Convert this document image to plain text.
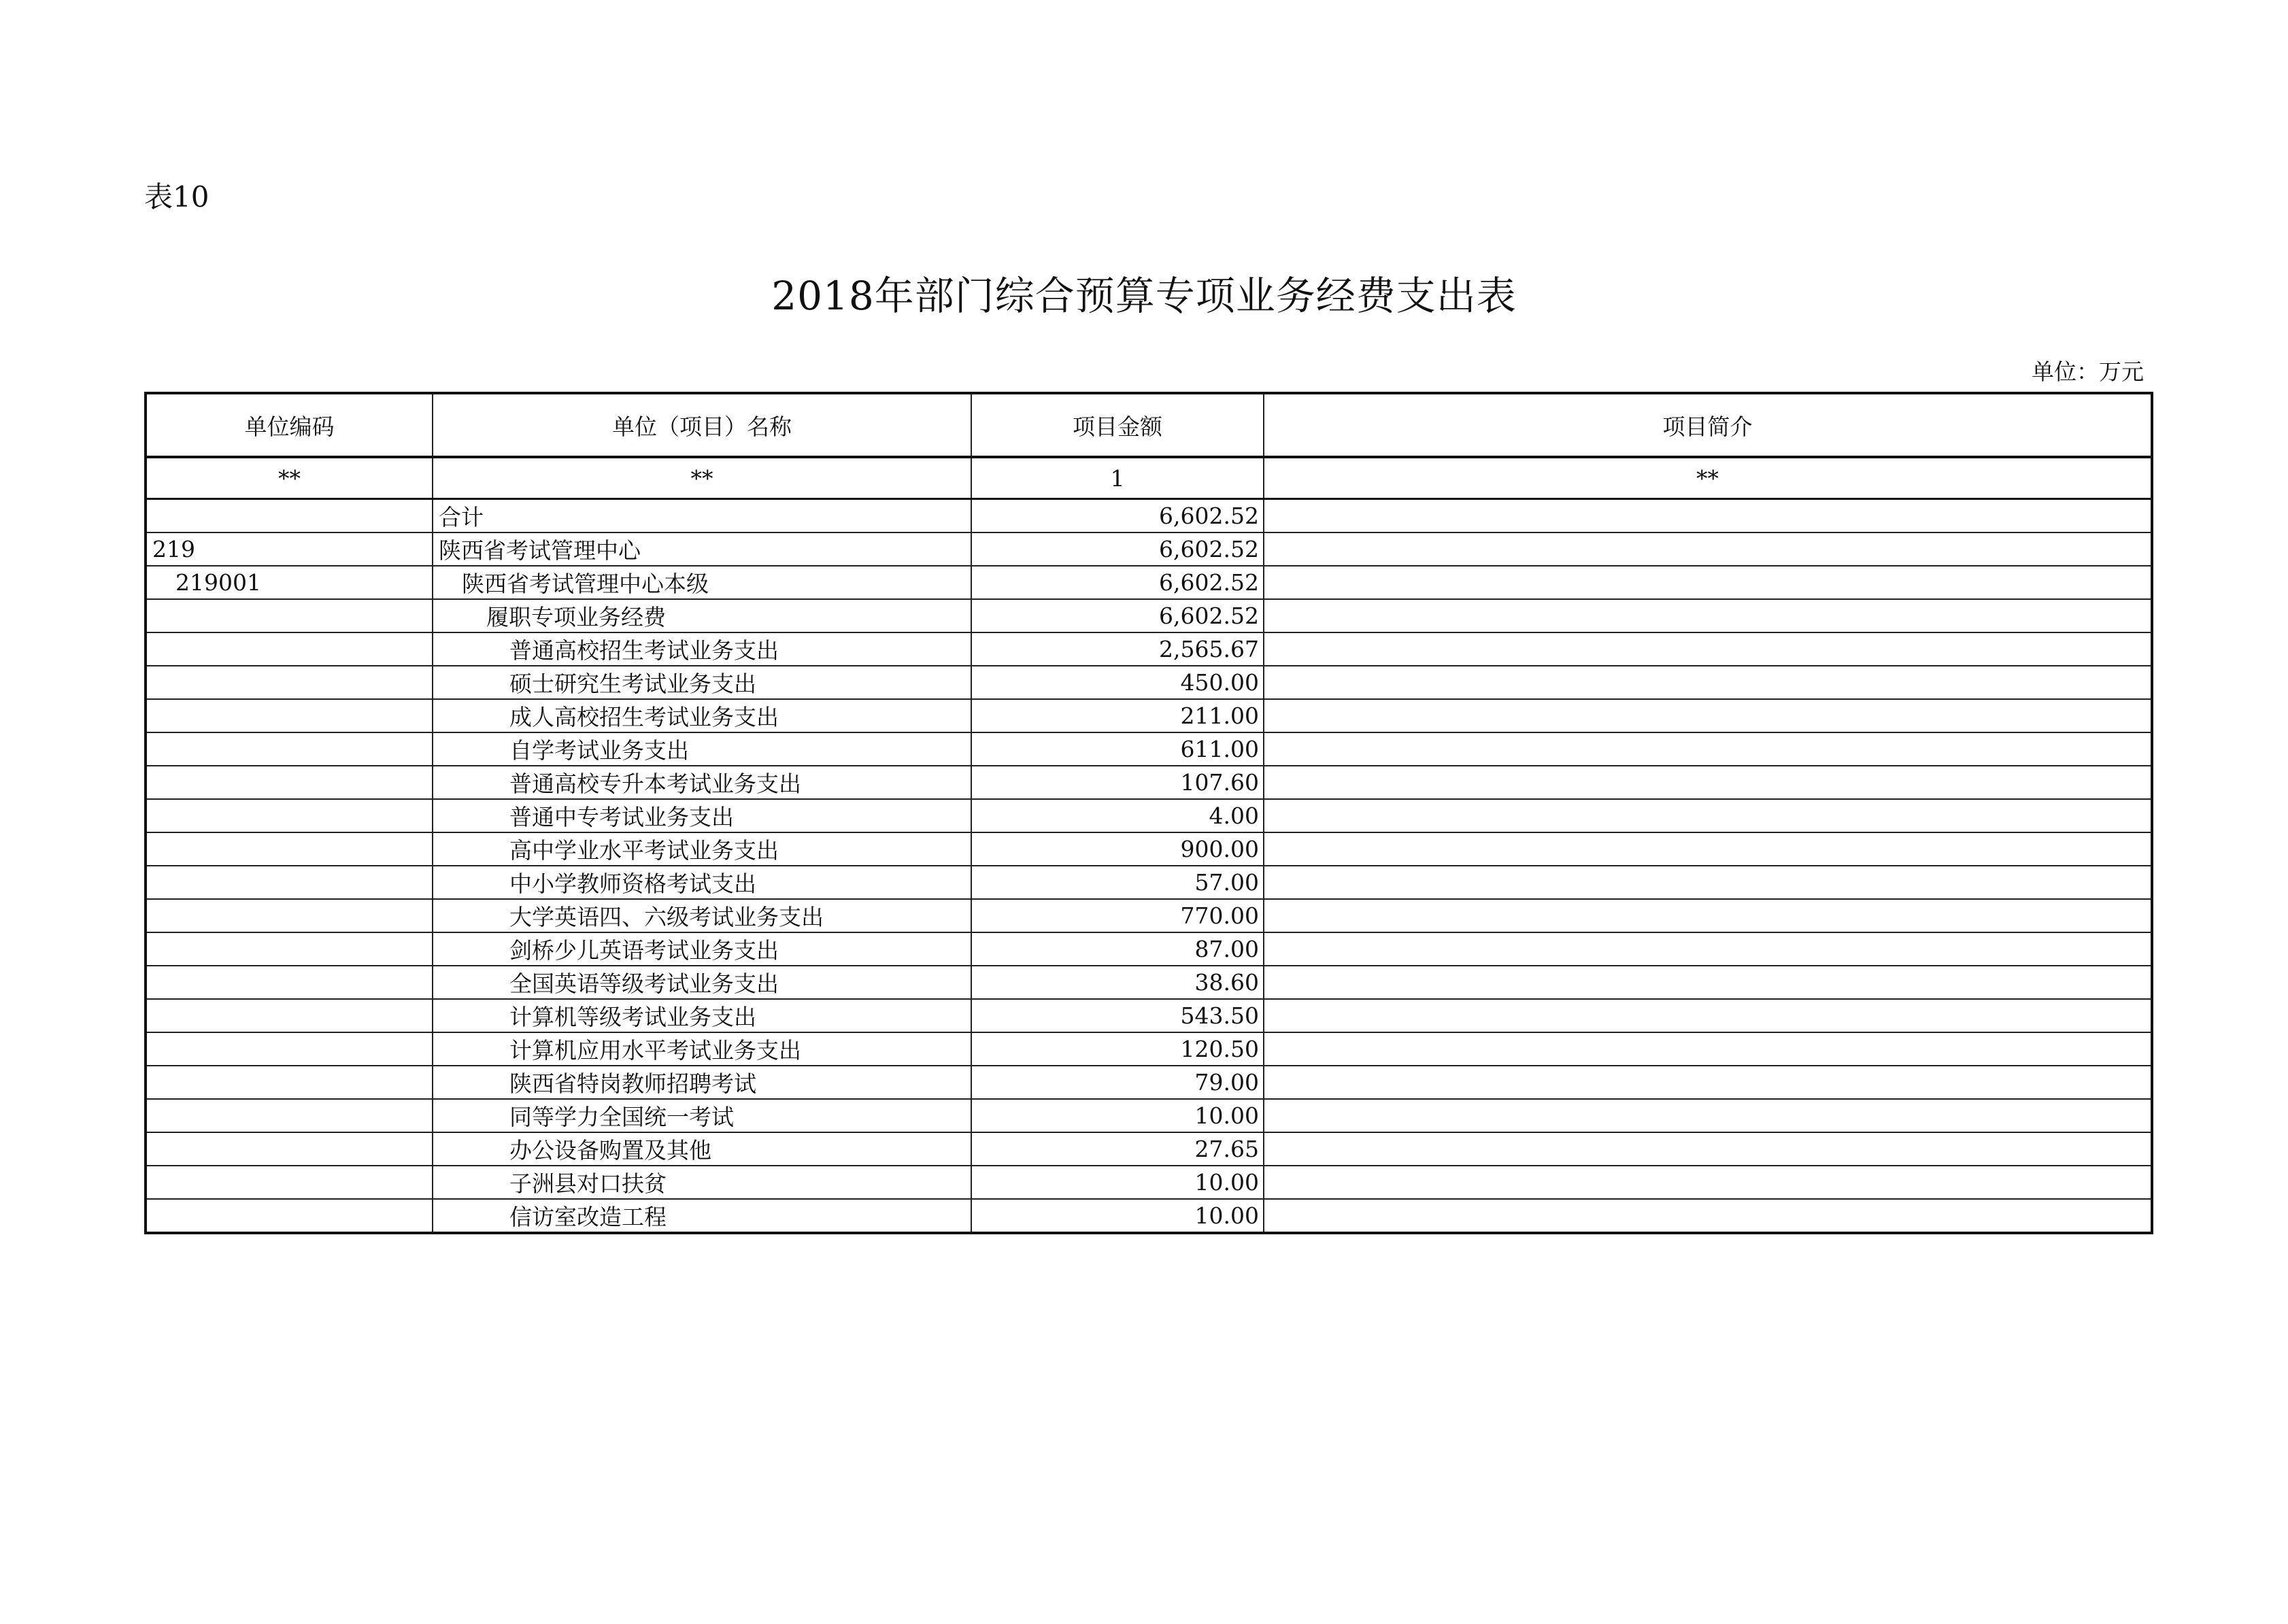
表10
2018年部门综合预算专项业务经费支出表
单位：万元
单位编码	单位（项目）名称	项目金额	项目简介
**	**	1	**
	合计	6,602.52	
219	陕西省考试管理中心	6,602.52	
219001	陕西省考试管理中心本级	6,602.52	
	履职专项业务经费	6,602.52	
	普通高校招生考试业务支出	2,565.67	
	硕士研究生考试业务支出	450.00	
	成人高校招生考试业务支出	211.00	
	自学考试业务支出	611.00	
	普通高校专升本考试业务支出	107.60	
	普通中专考试业务支出	4.00	
	高中学业水平考试业务支出	900.00	
	中小学教师资格考试支出	57.00	
	大学英语四、六级考试业务支出	770.00	
	剑桥少儿英语考试业务支出	87.00	
	全国英语等级考试业务支出	38.60	
	计算机等级考试业务支出	543.50	
	计算机应用水平考试业务支出	120.50	
	陕西省特岗教师招聘考试	79.00	
	同等学力全国统一考试	10.00	
	办公设备购置及其他	27.65	
	子洲县对口扶贫	10.00	
	信访室改造工程	10.00	
